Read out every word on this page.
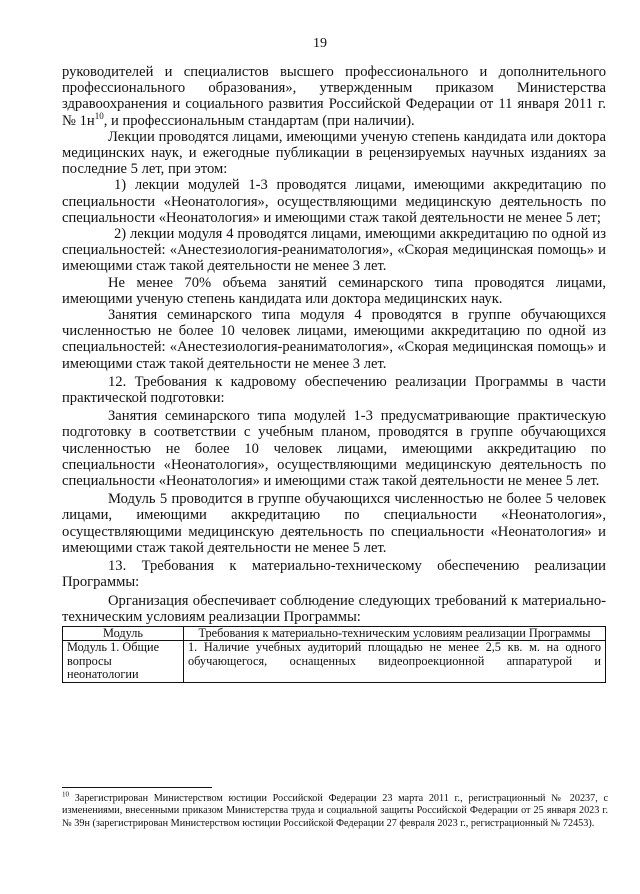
19

руководителей и специалистов высшего профессионального и дополнительного профессионального образования», утвержденным приказом Министерства здравоохранения и социального развития Российской Федерации от 11 января 2011 г. № $1н^{10}$, и профессиональным стандартам (при наличии).

Лекции проводятся лицами, имеющими ученую степень кандидата или доктора медицинских наук, и ежегодные публикации в рецензируемых научных изданиях за последние 5 лет, при этом:

1) лекции модулей 1-3 проводятся лицами, имеющими аккредитацию по специальности «Неонатология», осуществляющими медицинскую деятельность по специальности «Неонатология» и имеющими стаж такой деятельности не менее 5 лет;

2) лекции модуля 4 проводятся лицами, имеющими аккредитацию по одной из специальностей: «Анестезиология-реаниматология», «Скорая медицинская помощь» и имеющими стаж такой деятельности не менее 3 лет.

Не менее 70% объема занятий семинарского типа проводятся лицами, имеющими ученую степень кандидата или доктора медицинских наук.

Занятия семинарского типа модуля 4 проводятся в группе обучающихся численностью не более 10 человек лицами, имеющими аккредитацию по одной из специальностей: «Анестезиология-реаниматология», «Скорая медицинская помощь» и имеющими стаж такой деятельности не менее 3 лет.

12. Требования к кадровому обеспечению реализации Программы в части практической подготовки:

Занятия семинарского типа модулей 1-3 предусматривающие практическую подготовку в соответствии с учебным планом, проводятся в группе обучающихся численностью не более 10 человек лицами, имеющими аккредитацию по специальности «Неонатология», осуществляющими медицинскую деятельность по специальности «Неонатология» и имеющими стаж такой деятельности не менее 5 лет.

Модуль 5 проводится в группе обучающихся численностью не более 5 человек лицами, имеющими аккредитацию по специальности «Неонатология», осуществляющими медицинскую деятельность по специальности «Неонатология» и имеющими стаж такой деятельности не менее 5 лет.

13. Требования к материально-техническому обеспечению реализации Программы:

Организация обеспечивает соблюдение следующих требований к материально-техническим условиям реализации Программы:

Модуль	Требования к материально-техническим условиям реализации Программы
Модуль 1. Общие вопросы неонатологии	1. Наличие учебных аудиторий площадью не менее 2,5 кв. м. на одного обучающегося, оснащенных видеопроекционной аппаратурой и
$^{10}$ Зарегистрирован Министерством юстиции Российской Федерации 23 марта 2011 г., регистрационный № 20237, с изменениями, внесенными приказом Министерства труда и социальной защиты Российской Федерации от 25 января 2023 г. № 39н (зарегистрирован Министерством юстиции Российской Федерации 27 февраля 2023 г., регистрационный № 72453).
